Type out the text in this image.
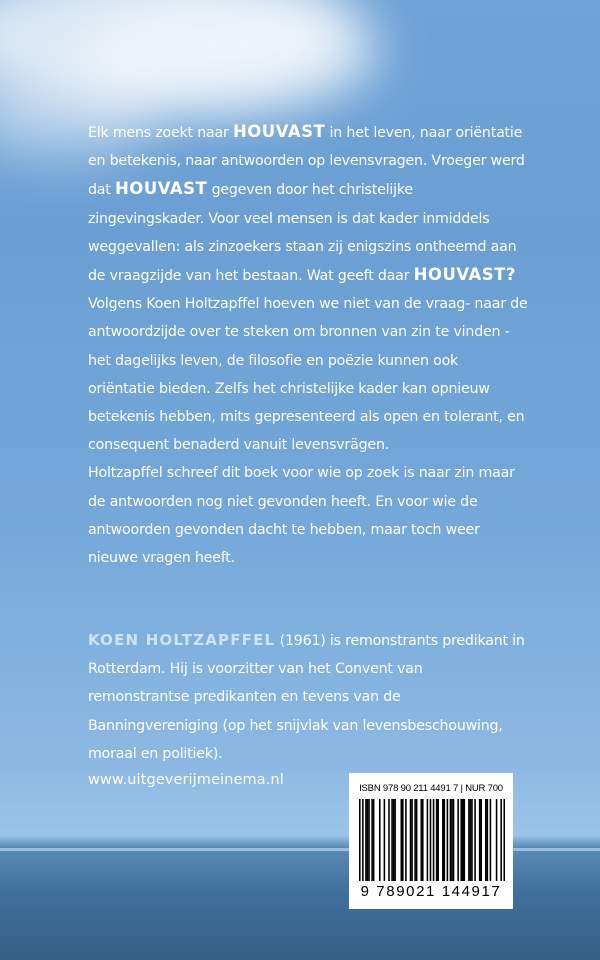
Elk mens zoekt naar HOUVAST in het leven, naar oriëntatie en betekenis, naar antwoorden op levensvragen. Vroeger werd dat HOUVAST gegeven door het christelijke zingevingskader. Voor veel mensen is dat kader inmiddels weggevallen: als zinzoekers staan zij enigszins ontheemd aan de vraagzijde van het bestaan. Wat geeft daar HOUVAST?

Volgens Koen Holtzapffel hoeven we niet van de vraag- naar de antwoordzijde over te steken om bronnen van zin te vinden - het dagelijks leven, de filosofie en poëzie kunnen ook oriëntatie bieden. Zelfs het christelijke kader kan opnieuw betekenis hebben, mits gepresenteerd als open en tolerant, en consequent benaderd vanuit levensvrägen.

Holtzapffel schreef dit boek voor wie op zoek is naar zin maar de antwoorden nog niet gevonden heeft. En voor wie de antwoorden gevonden dacht te hebben, maar toch weer nieuwe vragen heeft.

KOEN HOLTZAPFFEL (1961) is remonstrants predikant in Rotterdam. Hij is voorzitter van het Convent van remonstrantse predikanten en tevens van de Banningvereniging (op het snijvlak van levensbeschouwing, moraal en politiek).
www.uitgeverijmeinema.nl
ISBN 978 90 211 4491 7 | NUR 700
9 789021 144917
